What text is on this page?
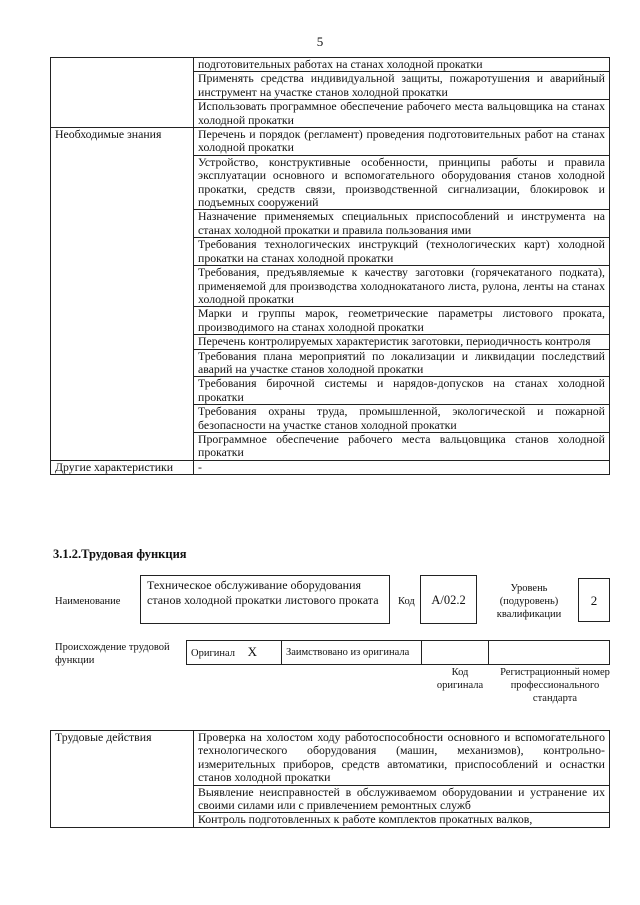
5
	подготовительных работах на станах холодной прокатки
	Применять средства индивидуальной защиты, пожаротушения и аварийный инструмент на участке станов холодной прокатки
	Использовать программное обеспечение рабочего места вальцовщика на станах холодной прокатки
Необходимые знания	Перечень и порядок (регламент) проведения подготовительных работ на станах холодной прокатки
	Устройство, конструктивные особенности, принципы работы и правила эксплуатации основного и вспомогательного оборудования станов холодной прокатки, средств связи, производственной сигнализации, блокировок и подъемных сооружений
	Назначение применяемых специальных приспособлений и инструмента на станах холодной прокатки и правила пользования ими
	Требования технологических инструкций (технологических карт) холодной прокатки на станах холодной прокатки
	Требования, предъявляемые к качеству заготовки (горячекатаного подката), применяемой для производства холоднокатаного листа, рулона, ленты на станах холодной прокатки
	Марки и группы марок, геометрические параметры листового проката, производимого на станах холодной прокатки
	Перечень контролируемых характеристик заготовки, периодичность контроля
	Требования плана мероприятий по локализации и ликвидации последствий аварий на участке станов холодной прокатки
	Требования бирочной системы и нарядов-допусков на станах холодной прокатки
	Требования охраны труда, промышленной, экологической и пожарной безопасности на участке станов холодной прокатки
	Программное обеспечение рабочего места вальцовщика станов холодной прокатки
Другие характеристики	-
3.1.2.Трудовая функция
Наименование
Техническое обслуживание оборудования станов холодной прокатки листового проката	Код	А/02.2
Уровень (подуровень) квалификации
2
Происхождение трудовой функции
Оригинал X	Заимствовано из оригинала		
Код оригинала
Регистрационный номер профессионального стандарта
Трудовые действия	Проверка на холостом ходу работоспособности основного и вспомогательного технологического оборудования (машин, механизмов), контрольно-измерительных приборов, средств автоматики, приспособлений и оснастки станов холодной прокатки
Выявление неисправностей в обслуживаемом оборудовании и устранение их своими силами или с привлечением ремонтных служб
Контроль подготовленных к работе комплектов прокатных валков,
